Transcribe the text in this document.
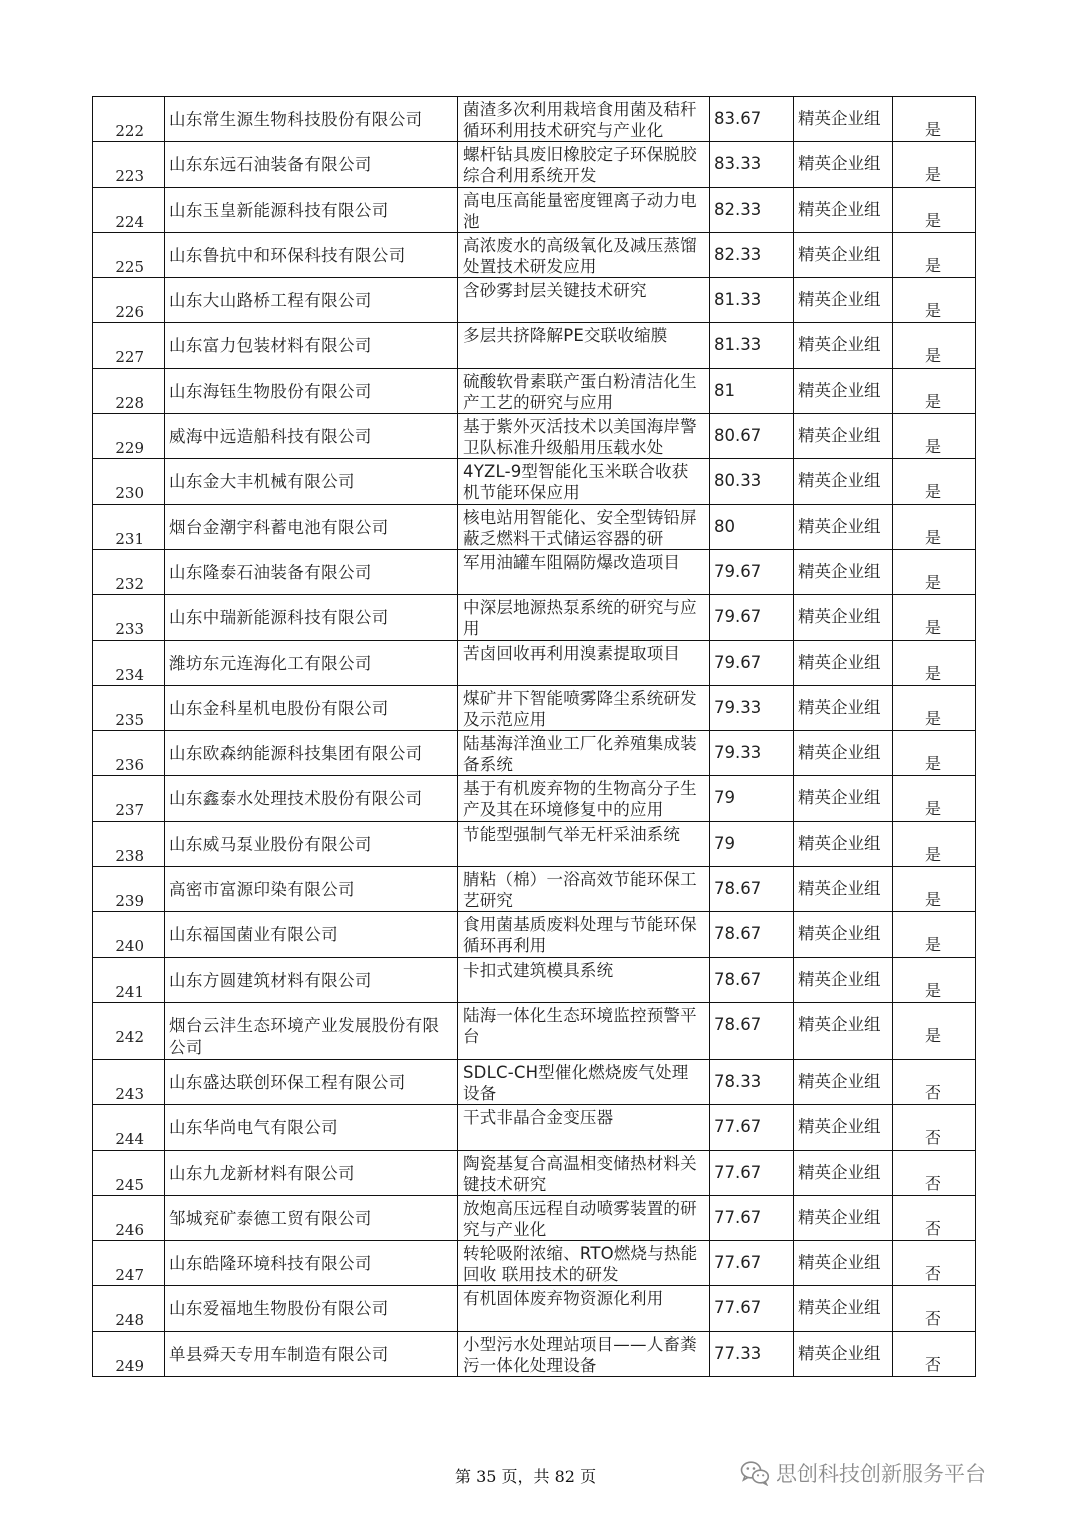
222	山东常生源生物科技股份有限公司	菌渣多次利用栽培食用菌及秸秆循环利用技术研究与产业化	83.67	精英企业组	是

223	山东东远石油装备有限公司	螺杆钻具废旧橡胶定子环保脱胶综合利用系统开发	83.33	精英企业组	是

224	山东玉皇新能源科技有限公司	高电压高能量密度锂离子动力电池	82.33	精英企业组	是

225	山东鲁抗中和环保科技有限公司	高浓废水的高级氧化及减压蒸馏处置技术研发应用	82.33	精英企业组	是

226	山东大山路桥工程有限公司	含砂雾封层关键技术研究	81.33	精英企业组	是

227	山东富力包装材料有限公司	多层共挤降解PE交联收缩膜	81.33	精英企业组	是

228	山东海钰生物股份有限公司	硫酸软骨素联产蛋白粉清洁化生产工艺的研究与应用	81	精英企业组	是

229	威海中远造船科技有限公司	基于紫外灭活技术以美国海岸警卫队标准升级船用压载水处	80.67	精英企业组	是

230	山东金大丰机械有限公司	4YZL-9型智能化玉米联合收获机节能环保应用	80.33	精英企业组	是

231	烟台金潮宇科蓄电池有限公司	核电站用智能化、安全型铸铅屏蔽乏燃料干式储运容器的研	80	精英企业组	是

232	山东隆泰石油装备有限公司	军用油罐车阻隔防爆改造项目	79.67	精英企业组	是

233	山东中瑞新能源科技有限公司	中深层地源热泵系统的研究与应用	79.67	精英企业组	是

234	潍坊东元连海化工有限公司	苦卤回收再利用溴素提取项目	79.67	精英企业组	是

235	山东金科星机电股份有限公司	煤矿井下智能喷雾降尘系统研发及示范应用	79.33	精英企业组	是

236	山东欧森纳能源科技集团有限公司	陆基海洋渔业工厂化养殖集成装备系统	79.33	精英企业组	是

237	山东鑫泰水处理技术股份有限公司	基于有机废弃物的生物高分子生产及其在环境修复中的应用	79	精英企业组	是

238	山东威马泵业股份有限公司	节能型强制气举无杆采油系统	79	精英企业组	是

239	高密市富源印染有限公司	腈粘（棉）一浴高效节能环保工艺研究	78.67	精英企业组	是

240	山东福国菌业有限公司	食用菌基质废料处理与节能环保循环再利用	78.67	精英企业组	是

241	山东方圆建筑材料有限公司	卡扣式建筑模具系统	78.67	精英企业组	是

242	烟台云沣生态环境产业发展股份有限公司	陆海一体化生态环境监控预警平台	78.67	精英企业组	是

243	山东盛达联创环保工程有限公司	SDLC-CH型催化燃烧废气处理设备	78.33	精英企业组	否

244	山东华尚电气有限公司	干式非晶合金变压器	77.67	精英企业组	否

245	山东九龙新材料有限公司	陶瓷基复合高温相变储热材料关键技术研究	77.67	精英企业组	否

246	邹城兖矿泰德工贸有限公司	放炮高压远程自动喷雾装置的研究与产业化	77.67	精英企业组	否

247	山东皓隆环境科技有限公司	转轮吸附浓缩、RTO燃烧与热能回收 联用技术的研发	77.67	精英企业组	否

248	山东爱福地生物股份有限公司	有机固体废弃物资源化利用	77.67	精英企业组	否

249	单县舜天专用车制造有限公司	小型污水处理站项目——人畜粪污一体化处理设备	77.33	精英企业组	否
第 35 页，共 82 页	思创科技创新服务平台
